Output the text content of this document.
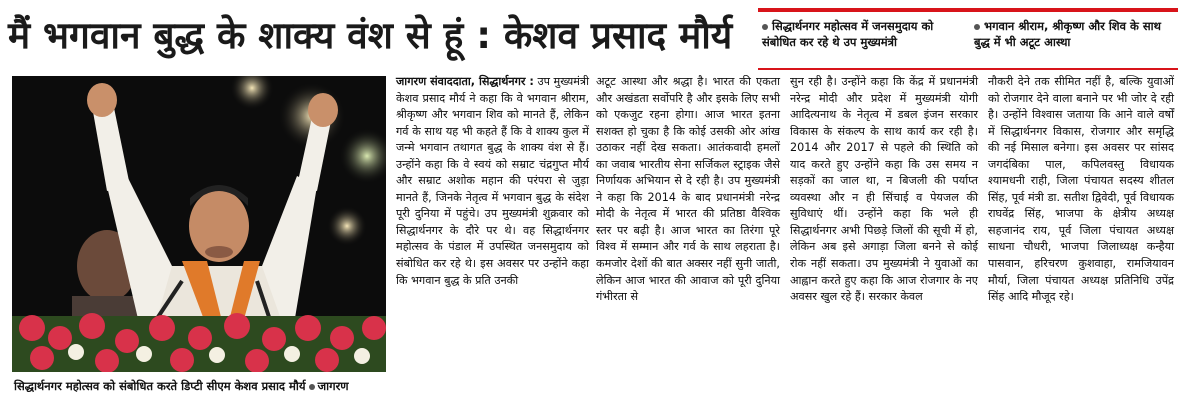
मैं भगवान बुद्ध के शाक्य वंश से हूं : केशव प्रसाद मौर्य	सिद्धार्थनगर महोत्सव में जनसमुदाय को संबोधित कर रहे थे उप मुख्यमंत्री
भगवान श्रीराम, श्रीकृष्ण और शिव के साथ बुद्ध में भी अटूट आस्था
सिद्धार्थनगर महोत्सव को संबोधित करते डिप्टी सीएम केशव प्रसाद मौर्य जागरण
जागरण संवाददाता, सिद्धार्थनगर : उप मुख्यमंत्री केशव प्रसाद मौर्य ने कहा कि वे भगवान श्रीराम, श्रीकृष्ण और भगवान शिव को मानते हैं, लेकिन गर्व के साथ यह भी कहते हैं कि वे शाक्य कुल में जन्मे भगवान तथागत बुद्ध के शाक्य वंश से हैं। उन्होंने कहा कि वे स्वयं को सम्राट चंद्रगुप्त मौर्य और सम्राट अशोक महान की परंपरा से जुड़ा मानते हैं, जिनके नेतृत्व में भगवान बुद्ध के संदेश पूरी दुनिया में पहुंचे। उप मुख्यमंत्री शुक्रवार को सिद्धार्थनगर के दौरे पर थे। वह सिद्धार्थनगर महोत्सव के पंडाल में उपस्थित जनसमुदाय को संबोधित कर रहे थे। इस अवसर पर उन्होंने कहा कि भगवान बुद्ध के प्रति उनकी
अटूट आस्था और श्रद्धा है। भारत की एकता और अखंडता सर्वोपरि है और इसके लिए सभी को एकजुट रहना होगा। आज भारत इतना सशक्त हो चुका है कि कोई उसकी ओर आंख उठाकर नहीं देख सकता। आतंकवादी हमलों का जवाब भारतीय सेना सर्जिकल स्ट्राइक जैसे निर्णायक अभियान से दे रही है। उप मुख्यमंत्री ने कहा कि 2014 के बाद प्रधानमंत्री नरेन्द्र मोदी के नेतृत्व में भारत की प्रतिष्ठा वैश्विक स्तर पर बढ़ी है। आज भारत का तिरंगा पूरे विश्व में सम्मान और गर्व के साथ लहराता है। कमजोर देशों की बात अक्सर नहीं सुनी जाती, लेकिन आज भारत की आवाज को पूरी दुनिया गंभीरता से
सुन रही है। उन्होंने कहा कि केंद्र में प्रधानमंत्री नरेन्द्र मोदी और प्रदेश में मुख्यमंत्री योगी आदित्यनाथ के नेतृत्व में डबल इंजन सरकार विकास के संकल्प के साथ कार्य कर रही है। 2014 और 2017 से पहले की स्थिति को याद करते हुए उन्होंने कहा कि उस समय न सड़कों का जाल था, न बिजली की पर्याप्त व्यवस्था और न ही सिंचाई व पेयजल की सुविधाएं थीं। उन्होंने कहा कि भले ही सिद्धार्थनगर अभी पिछड़े जिलों की सूची में हो, लेकिन अब इसे अगाड़ा जिला बनने से कोई रोक नहीं सकता। उप मुख्यमंत्री ने युवाओं का आह्वान करते हुए कहा कि आज रोजगार के नए अवसर खुल रहे हैं। सरकार केवल
नौकरी देने तक सीमित नहीं है, बल्कि युवाओं को रोजगार देने वाला बनाने पर भी जोर दे रही है। उन्होंने विश्वास जताया कि आने वाले वर्षों में सिद्धार्थनगर विकास, रोजगार और समृद्धि की नई मिसाल बनेगा। इस अवसर पर सांसद जगदंबिका पाल, कपिलवस्तु विधायक श्यामधनी राही, जिला पंचायत सदस्य शीतल सिंह, पूर्व मंत्री डा. सतीश द्विवेदी, पूर्व विधायक राघवेंद्र सिंह, भाजपा के क्षेत्रीय अध्यक्ष सहजानंद राय, पूर्व जिला पंचायत अध्यक्ष साधना चौधरी, भाजपा जिलाध्यक्ष कन्हैया पासवान, हरिचरण कुशवाहा, रामजियावन मौर्या, जिला पंचायत अध्यक्ष प्रतिनिधि उपेंद्र सिंह आदि मौजूद रहे।
